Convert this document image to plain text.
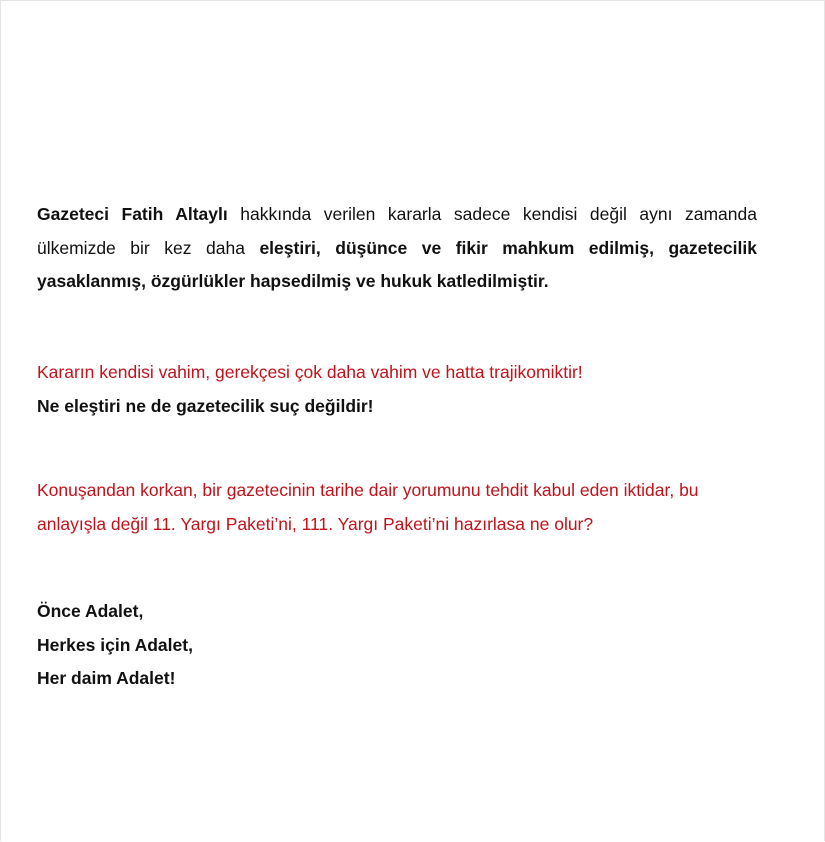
Gazeteci Fatih Altaylı hakkında verilen kararla sadece kendisi değil aynı zamanda ülkemizde bir kez daha eleştiri, düşünce ve fikir mahkum edilmiş, gazetecilik yasaklanmış, özgürlükler hapsedilmiş ve hukuk katledilmiştir.
Kararın kendisi vahim, gerekçesi çok daha vahim ve hatta trajikomiktir!
Ne eleştiri ne de gazetecilik suç değildir!
Konuşandan korkan, bir gazetecinin tarihe dair yorumunu tehdit kabul eden iktidar, bu
anlayışla değil 11. Yargı Paketi’ni, 111. Yargı Paketi’ni hazırlasa ne olur?
Önce Adalet,
Herkes için Adalet,
Her daim Adalet!
